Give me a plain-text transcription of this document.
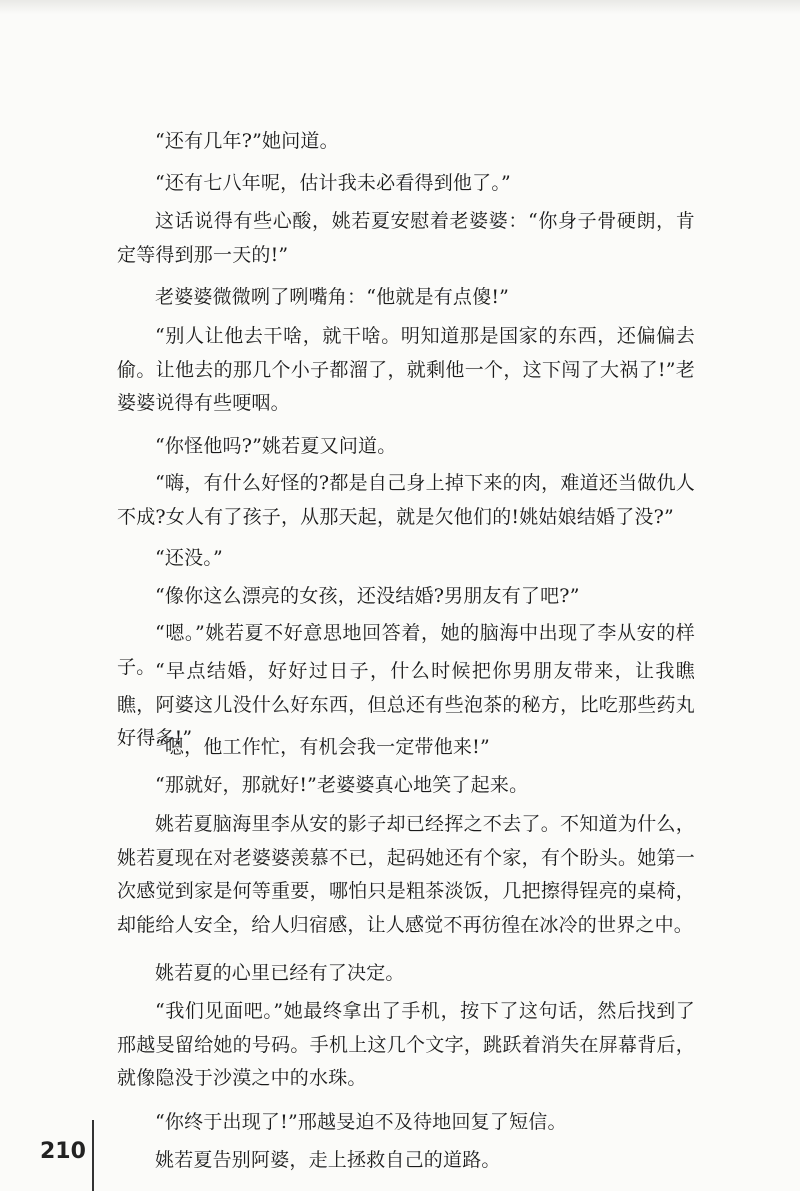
“还有几年?”她问道。

“还有七八年呢，估计我未必看得到他了。”

这话说得有些心酸，姚若夏安慰着老婆婆：“你身子骨硬朗，肯定等得到那一天的!”

老婆婆微微咧了咧嘴角：“他就是有点傻!”

“别人让他去干啥，就干啥。明知道那是国家的东西，还偏偏去偷。让他去的那几个小子都溜了，就剩他一个，这下闯了大祸了!”老婆婆说得有些哽咽。

“你怪他吗?”姚若夏又问道。

“嗨，有什么好怪的?都是自己身上掉下来的肉，难道还当做仇人不成?女人有了孩子，从那天起，就是欠他们的!姚姑娘结婚了没?”

“还没。”

“像你这么漂亮的女孩，还没结婚?男朋友有了吧?”

“嗯。”姚若夏不好意思地回答着，她的脑海中出现了李从安的样子。 “早点结婚，好好过日子，什么时候把你男朋友带来，让我瞧瞧，阿婆这儿没什么好东西，但总还有些泡茶的秘方，比吃那些药丸好得多!”

“嗯，他工作忙，有机会我一定带他来!”

“那就好，那就好!”老婆婆真心地笑了起来。

姚若夏脑海里李从安的影子却已经挥之不去了。不知道为什么，姚若夏现在对老婆婆羡慕不已，起码她还有个家，有个盼头。她第一次感觉到家是何等重要，哪怕只是粗茶淡饭，几把擦得锃亮的桌椅，却能给人安全，给人归宿感，让人感觉不再彷徨在冰冷的世界之中。

姚若夏的心里已经有了决定。

“我们见面吧。”她最终拿出了手机，按下了这句话，然后找到了邢越旻留给她的号码。手机上这几个文字，跳跃着消失在屏幕背后，就像隐没于沙漠之中的水珠。

“你终于出现了!”邢越旻迫不及待地回复了短信。

姚若夏告别阿婆，走上拯救自己的道路。

210
